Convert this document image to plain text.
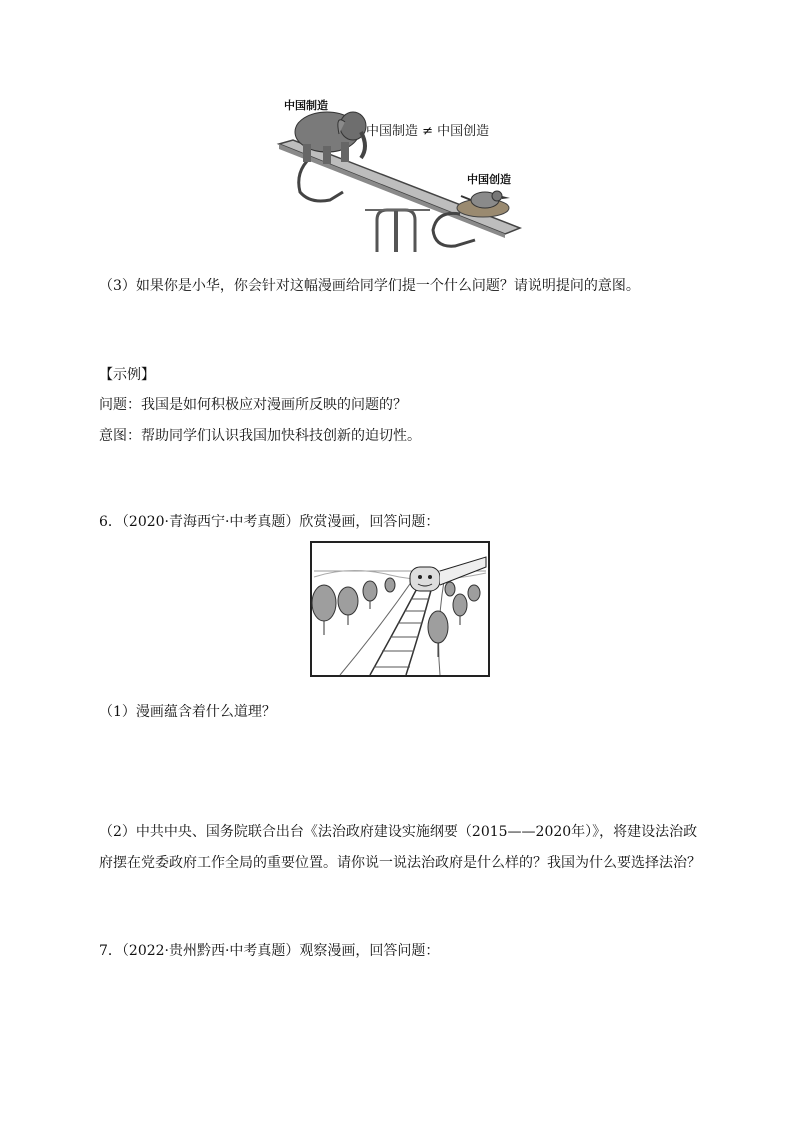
中国制造
中国制造 ≠ 中国创造
中国创造
（3）如果你是小华，你会针对这幅漫画给同学们提一个什么问题？请说明提问的意图。
【示例】
问题：我国是如何积极应对漫画所反映的问题的？
意图：帮助同学们认识我国加快科技创新的迫切性。
6．（2020·青海西宁·中考真题）欣赏漫画，回答问题：
（1）漫画蕴含着什么道理？
（2）中共中央、国务院联合出台《法治政府建设实施纲要（2015——2020年）》，将建设法治政
府摆在党委政府工作全局的重要位置。请你说一说法治政府是什么样的？我国为什么要选择法治？
7．（2022·贵州黔西·中考真题）观察漫画，回答问题：
